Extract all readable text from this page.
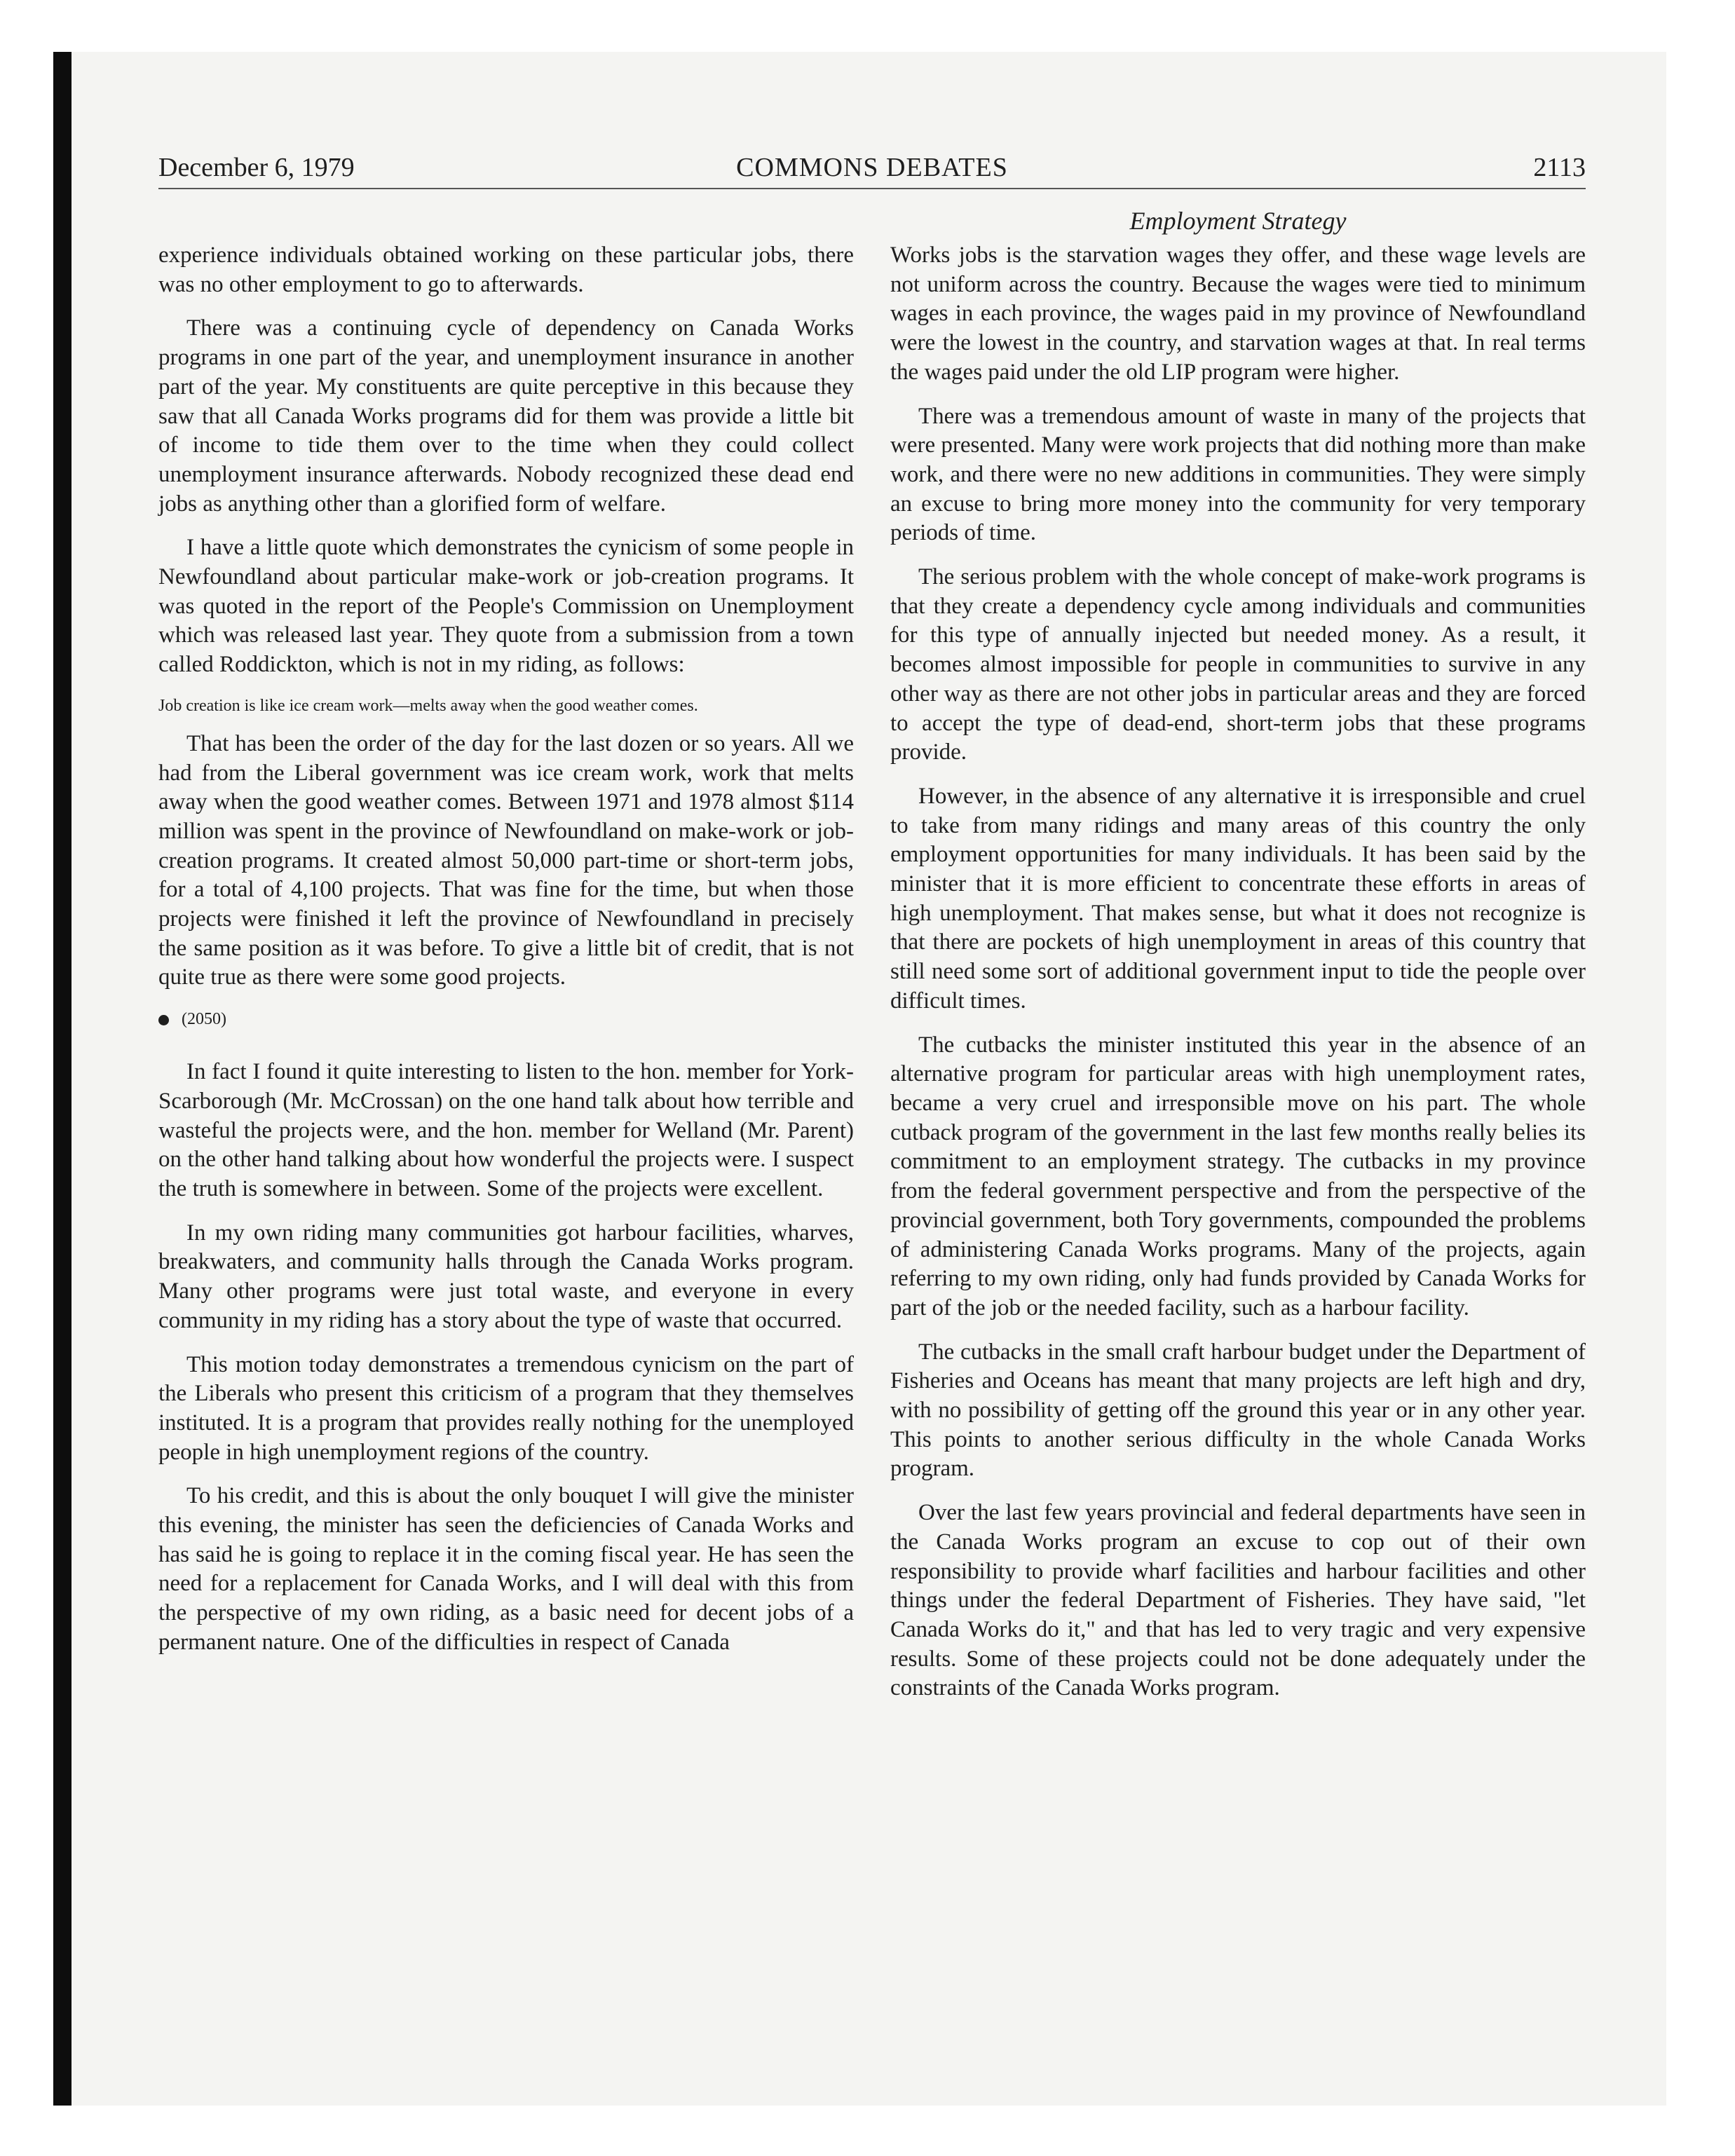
December 6, 1979	COMMONS DEBATES	2113
Employment Strategy

experience individuals obtained working on these particular jobs, there was no other employment to go to afterwards.

There was a continuing cycle of dependency on Canada Works programs in one part of the year, and unemployment insurance in another part of the year. My constituents are quite perceptive in this because they saw that all Canada Works programs did for them was provide a little bit of income to tide them over to the time when they could collect unemployment insurance afterwards. Nobody recognized these dead end jobs as anything other than a glorified form of welfare.

I have a little quote which demonstrates the cynicism of some people in Newfoundland about particular make-work or job-creation programs. It was quoted in the report of the People's Commission on Unemployment which was released last year. They quote from a submission from a town called Roddickton, which is not in my riding, as follows:

Job creation is like ice cream work—melts away when the good weather comes.

That has been the order of the day for the last dozen or so years. All we had from the Liberal government was ice cream work, work that melts away when the good weather comes. Between 1971 and 1978 almost $114 million was spent in the province of Newfoundland on make-work or job-creation programs. It created almost 50,000 part-time or short-term jobs, for a total of 4,100 projects. That was fine for the time, but when those projects were finished it left the province of Newfoundland in precisely the same position as it was before. To give a little bit of credit, that is not quite true as there were some good projects.

(2050)

In fact I found it quite interesting to listen to the hon. member for York-Scarborough (Mr. McCrossan) on the one hand talk about how terrible and wasteful the projects were, and the hon. member for Welland (Mr. Parent) on the other hand talking about how wonderful the projects were. I suspect the truth is somewhere in between. Some of the projects were excellent.

In my own riding many communities got harbour facilities, wharves, breakwaters, and community halls through the Canada Works program. Many other programs were just total waste, and everyone in every community in my riding has a story about the type of waste that occurred.

This motion today demonstrates a tremendous cynicism on the part of the Liberals who present this criticism of a program that they themselves instituted. It is a program that provides really nothing for the unemployed people in high unemployment regions of the country.

To his credit, and this is about the only bouquet I will give the minister this evening, the minister has seen the deficiencies of Canada Works and has said he is going to replace it in the coming fiscal year. He has seen the need for a replacement for Canada Works, and I will deal with this from the perspective of my own riding, as a basic need for decent jobs of a permanent nature. One of the difficulties in respect of Canada

Works jobs is the starvation wages they offer, and these wage levels are not uniform across the country. Because the wages were tied to minimum wages in each province, the wages paid in my province of Newfoundland were the lowest in the country, and starvation wages at that. In real terms the wages paid under the old LIP program were higher.

There was a tremendous amount of waste in many of the projects that were presented. Many were work projects that did nothing more than make work, and there were no new additions in communities. They were simply an excuse to bring more money into the community for very temporary periods of time.

The serious problem with the whole concept of make-work programs is that they create a dependency cycle among individuals and communities for this type of annually injected but needed money. As a result, it becomes almost impossible for people in communities to survive in any other way as there are not other jobs in particular areas and they are forced to accept the type of dead-end, short-term jobs that these programs provide.

However, in the absence of any alternative it is irresponsible and cruel to take from many ridings and many areas of this country the only employment opportunities for many individuals. It has been said by the minister that it is more efficient to concentrate these efforts in areas of high unemployment. That makes sense, but what it does not recognize is that there are pockets of high unemployment in areas of this country that still need some sort of additional government input to tide the people over difficult times.

The cutbacks the minister instituted this year in the absence of an alternative program for particular areas with high unemployment rates, became a very cruel and irresponsible move on his part. The whole cutback program of the government in the last few months really belies its commitment to an employment strategy. The cutbacks in my province from the federal government perspective and from the perspective of the provincial government, both Tory governments, compounded the problems of administering Canada Works programs. Many of the projects, again referring to my own riding, only had funds provided by Canada Works for part of the job or the needed facility, such as a harbour facility.

The cutbacks in the small craft harbour budget under the Department of Fisheries and Oceans has meant that many projects are left high and dry, with no possibility of getting off the ground this year or in any other year. This points to another serious difficulty in the whole Canada Works program.

Over the last few years provincial and federal departments have seen in the Canada Works program an excuse to cop out of their own responsibility to provide wharf facilities and harbour facilities and other things under the federal Department of Fisheries. They have said, "let Canada Works do it," and that has led to very tragic and very expensive results. Some of these projects could not be done adequately under the constraints of the Canada Works program.
